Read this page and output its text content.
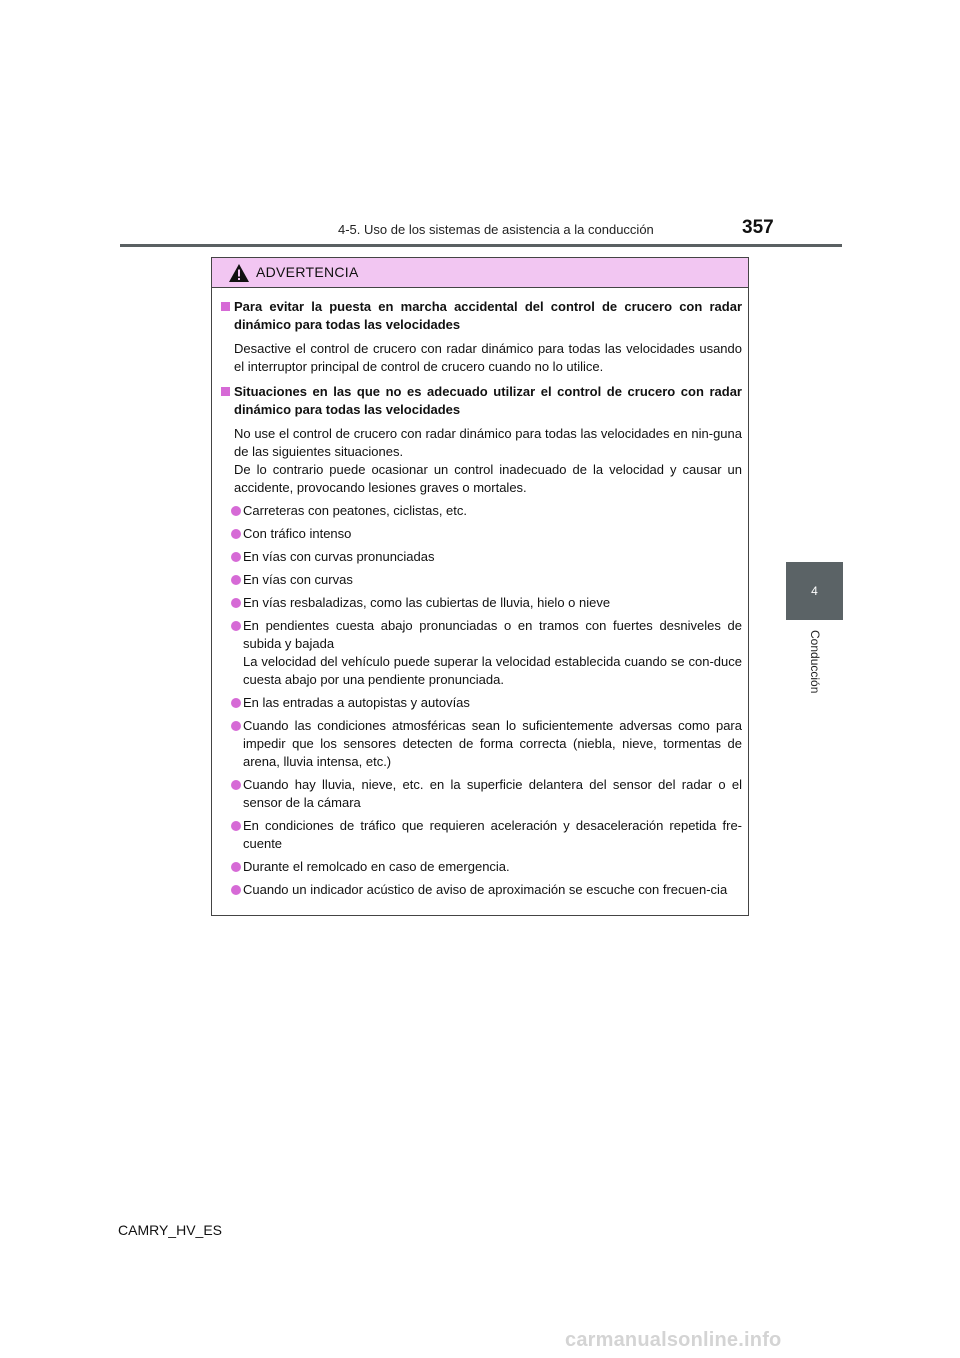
4-5. Uso de los sistemas de asistencia a la conducción	357
4
Conducción
ADVERTENCIA

Para evitar la puesta en marcha accidental del control de crucero con radar dinámico para todas las velocidades

Desactive el control de crucero con radar dinámico para todas las velocidades usando el interruptor principal de control de crucero cuando no lo utilice.

Situaciones en las que no es adecuado utilizar el control de crucero con radar dinámico para todas las velocidades

No use el control de crucero con radar dinámico para todas las velocidades en nin-guna de las siguientes situaciones.
De lo contrario puede ocasionar un control inadecuado de la velocidad y causar un accidente, provocando lesiones graves o mortales.

Carreteras con peatones, ciclistas, etc.
Con tráfico intenso
En vías con curvas pronunciadas
En vías con curvas
En vías resbaladizas, como las cubiertas de lluvia, hielo o nieve
En pendientes cuesta abajo pronunciadas o en tramos con fuertes desniveles de subida y bajada
La velocidad del vehículo puede superar la velocidad establecida cuando se con-duce cuesta abajo por una pendiente pronunciada.
En las entradas a autopistas y autovías
Cuando las condiciones atmosféricas sean lo suficientemente adversas como para impedir que los sensores detecten de forma correcta (niebla, nieve, tormentas de arena, lluvia intensa, etc.)
Cuando hay lluvia, nieve, etc. en la superficie delantera del sensor del radar o el sensor de la cámara
En condiciones de tráfico que requieren aceleración y desaceleración repetida fre-cuente
Durante el remolcado en caso de emergencia.
Cuando un indicador acústico de aviso de aproximación se escuche con frecuen-cia
CAMRY_HV_ES
carmanualsonline.info
